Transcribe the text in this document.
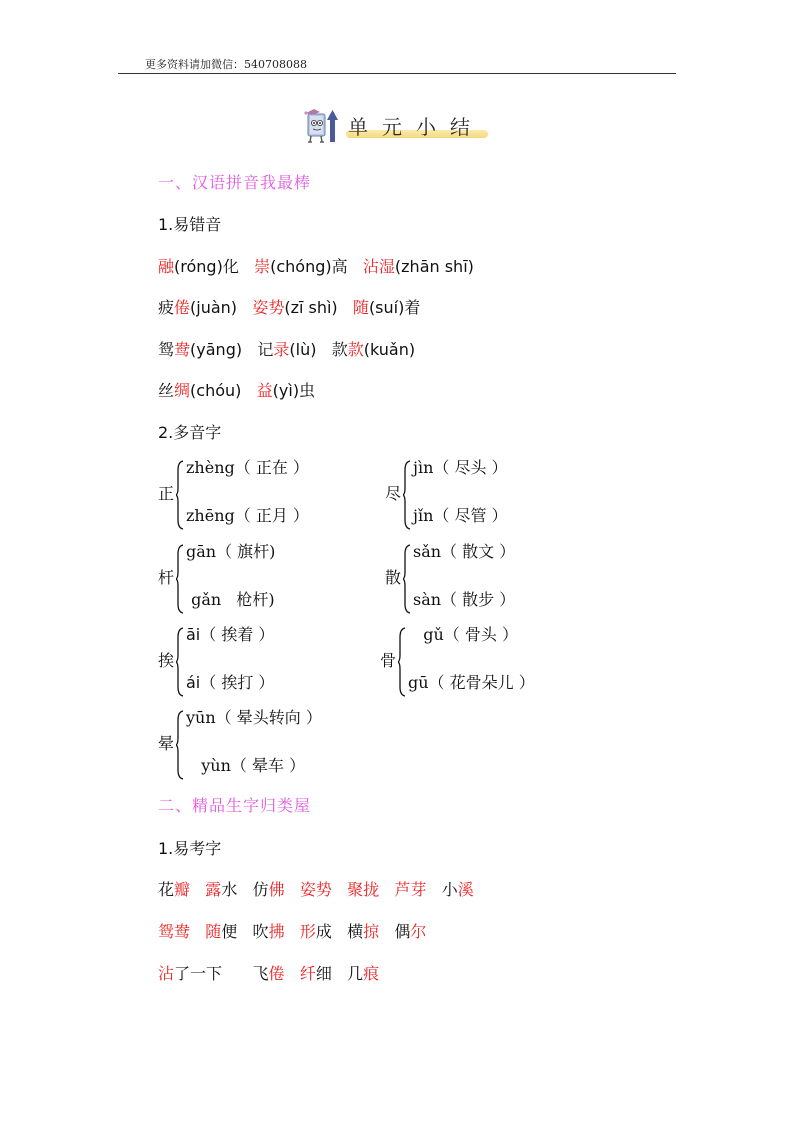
更多资料请加微信：540708088
单元小结
一、汉语拼音我最棒
1.易错音
融(róng)化 崇(chóng)高 沾湿(zhān shī)
疲倦(juàn)   姿势(zī shì)   随(suí)着
鸳鸯(yāng)   记录(lù)   款款(kuǎn)
丝绸(chóu)   益(yì)虫
2.多音字
正
zhèng（ 正在 ）
zhēng（ 正月 ）
尽
jìn（ 尽头 ）
jǐn（ 尽管 ）
杆
gān（ 旗杆)
gǎn   枪杆)
散
sǎn（ 散文 ）
sàn（ 散步 ）
挨
āi（ 挨着 ）
ái（ 挨打 ）
骨
gǔ（ 骨头 ）
gū（ 花骨朵儿 ）
晕
yūn（ 晕头转向 ）
yùn（ 晕车 ）
二、精品生字归类屋
1.易考字
花瓣 露水   仿佛 姿势 聚拢 芦芽   小溪
鸳鸯 随便   吹拂 形成   横掠   偶尔
沾了一下      飞倦 纤细   几痕
